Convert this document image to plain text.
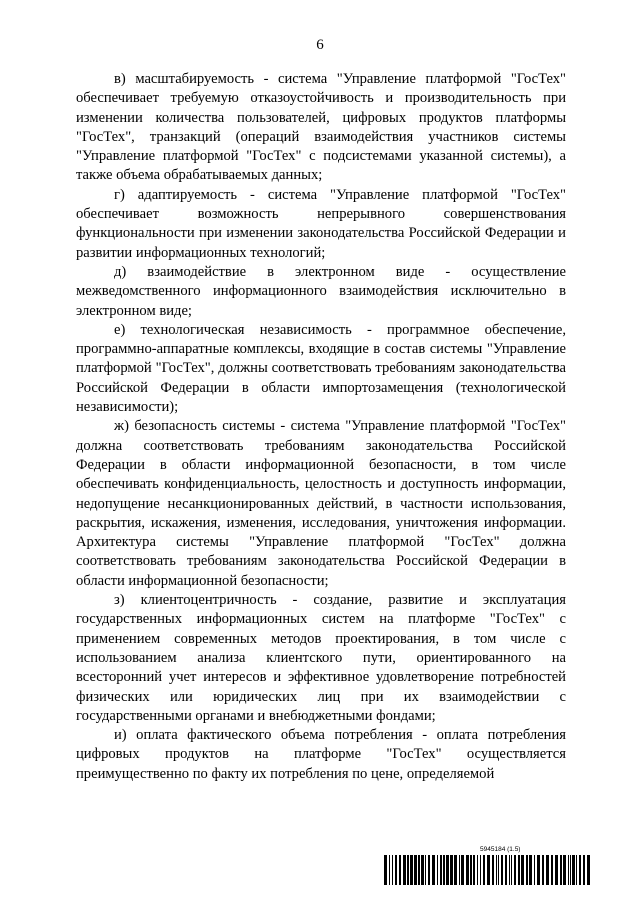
6

в) масштабируемость - система "Управление платформой "ГосТех" обеспечивает требуемую отказоустойчивость и производительность при изменении количества пользователей, цифровых продуктов платформы "ГосТех", транзакций (операций взаимодействия участников системы "Управление платформой "ГосТех" с подсистемами указанной системы), а также объема обрабатываемых данных;

г) адаптируемость - система "Управление платформой "ГосТех" обеспечивает возможность непрерывного совершенствования функциональности при изменении законодательства Российской Федерации и развитии информационных технологий;

д) взаимодействие в электронном виде - осуществление межведомственного информационного взаимодействия исключительно в электронном виде;

е) технологическая независимость - программное обеспечение, программно-аппаратные комплексы, входящие в состав системы "Управление платформой "ГосТех", должны соответствовать требованиям законодательства Российской Федерации в области импортозамещения (технологической независимости);

ж) безопасность системы - система "Управление платформой "ГосТех" должна соответствовать требованиям законодательства Российской Федерации в области информационной безопасности, в том числе обеспечивать конфиденциальность, целостность и доступность информации, недопущение несанкционированных действий, в частности использования, раскрытия, искажения, изменения, исследования, уничтожения информации. Архитектура системы "Управление платформой "ГосТех" должна соответствовать требованиям законодательства Российской Федерации в области информационной безопасности;

з) клиентоцентричность - создание, развитие и эксплуатация государственных информационных систем на платформе "ГосТех" с применением современных методов проектирования, в том числе с использованием анализа клиентского пути, ориентированного на всесторонний учет интересов и эффективное удовлетворение потребностей физических или юридических лиц при их взаимодействии с государственными органами и внебюджетными фондами;

и) оплата фактического объема потребления - оплата потребления цифровых продуктов на платформе "ГосТех" осуществляется преимущественно по факту их потребления по цене, определяемой

5945184 (1.5)
